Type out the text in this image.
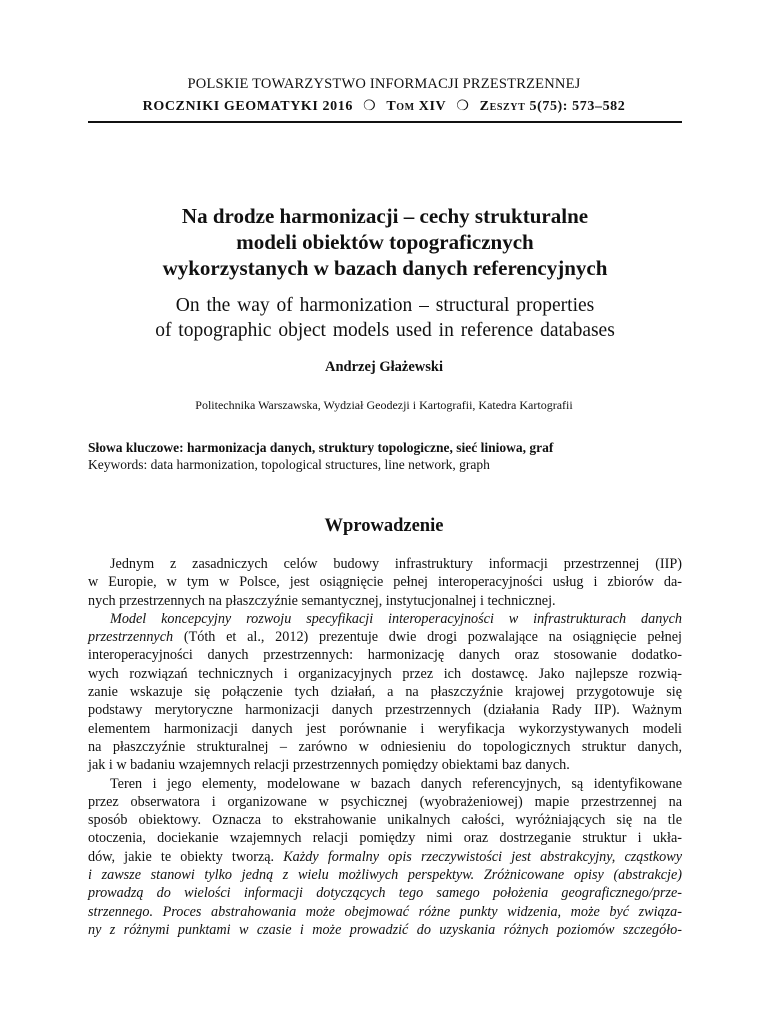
POLSKIE TOWARZYSTWO INFORMACJI PRZESTRZENNEJ
ROCZNIKI GEOMATYKI 2016 ❍ Tom XIV ❍ Zeszyt 5(75): 573–582
Na drodze harmonizacji – cechy strukturalne
modeli obiektów topograficznych
wykorzystanych w bazach danych referencyjnych
On the way of harmonization – structural properties
of topographic object models used in reference databases
Andrzej Głażewski
Politechnika Warszawska, Wydział Geodezji i Kartografii, Katedra Kartografii
Słowa kluczowe: harmonizacja danych, struktury topologiczne, sieć liniowa, graf
Keywords: data harmonization, topological structures, line network, graph
Wprowadzenie
Jednym z zasadniczych celów budowy infrastruktury informacji przestrzennej (IIP)
w Europie, w tym w Polsce, jest osiągnięcie pełnej interoperacyjności usług i zbiorów da-
nych przestrzennych na płaszczyźnie semantycznej, instytucjonalnej i technicznej.
Model koncepcyjny rozwoju specyfikacji interoperacyjności w infrastrukturach danych
przestrzennych (Tóth et al., 2012) prezentuje dwie drogi pozwalające na osiągnięcie pełnej
interoperacyjności danych przestrzennych: harmonizację danych oraz stosowanie dodatko-
wych rozwiązań technicznych i organizacyjnych przez ich dostawcę. Jako najlepsze rozwią-
zanie wskazuje się połączenie tych działań, a na płaszczyźnie krajowej przygotowuje się
podstawy merytoryczne harmonizacji danych przestrzennych (działania Rady IIP). Ważnym
elementem harmonizacji danych jest porównanie i weryfikacja wykorzystywanych modeli
na płaszczyźnie strukturalnej – zarówno w odniesieniu do topologicznych struktur danych,
jak i w badaniu wzajemnych relacji przestrzennych pomiędzy obiektami baz danych.
Teren i jego elementy, modelowane w bazach danych referencyjnych, są identyfikowane
przez obserwatora i organizowane w psychicznej (wyobrażeniowej) mapie przestrzennej na
sposób obiektowy. Oznacza to ekstrahowanie unikalnych całości, wyróżniających się na tle
otoczenia, dociekanie wzajemnych relacji pomiędzy nimi oraz dostrzeganie struktur i ukła-
dów, jakie te obiekty tworzą. Każdy formalny opis rzeczywistości jest abstrakcyjny, cząstkowy
i zawsze stanowi tylko jedną z wielu możliwych perspektyw. Zróżnicowane opisy (abstrakcje)
prowadzą do wielości informacji dotyczących tego samego położenia geograficznego/prze-
strzennego. Proces abstrahowania może obejmować różne punkty widzenia, może być związa-
ny z różnymi punktami w czasie i może prowadzić do uzyskania różnych poziomów szczegóło-
